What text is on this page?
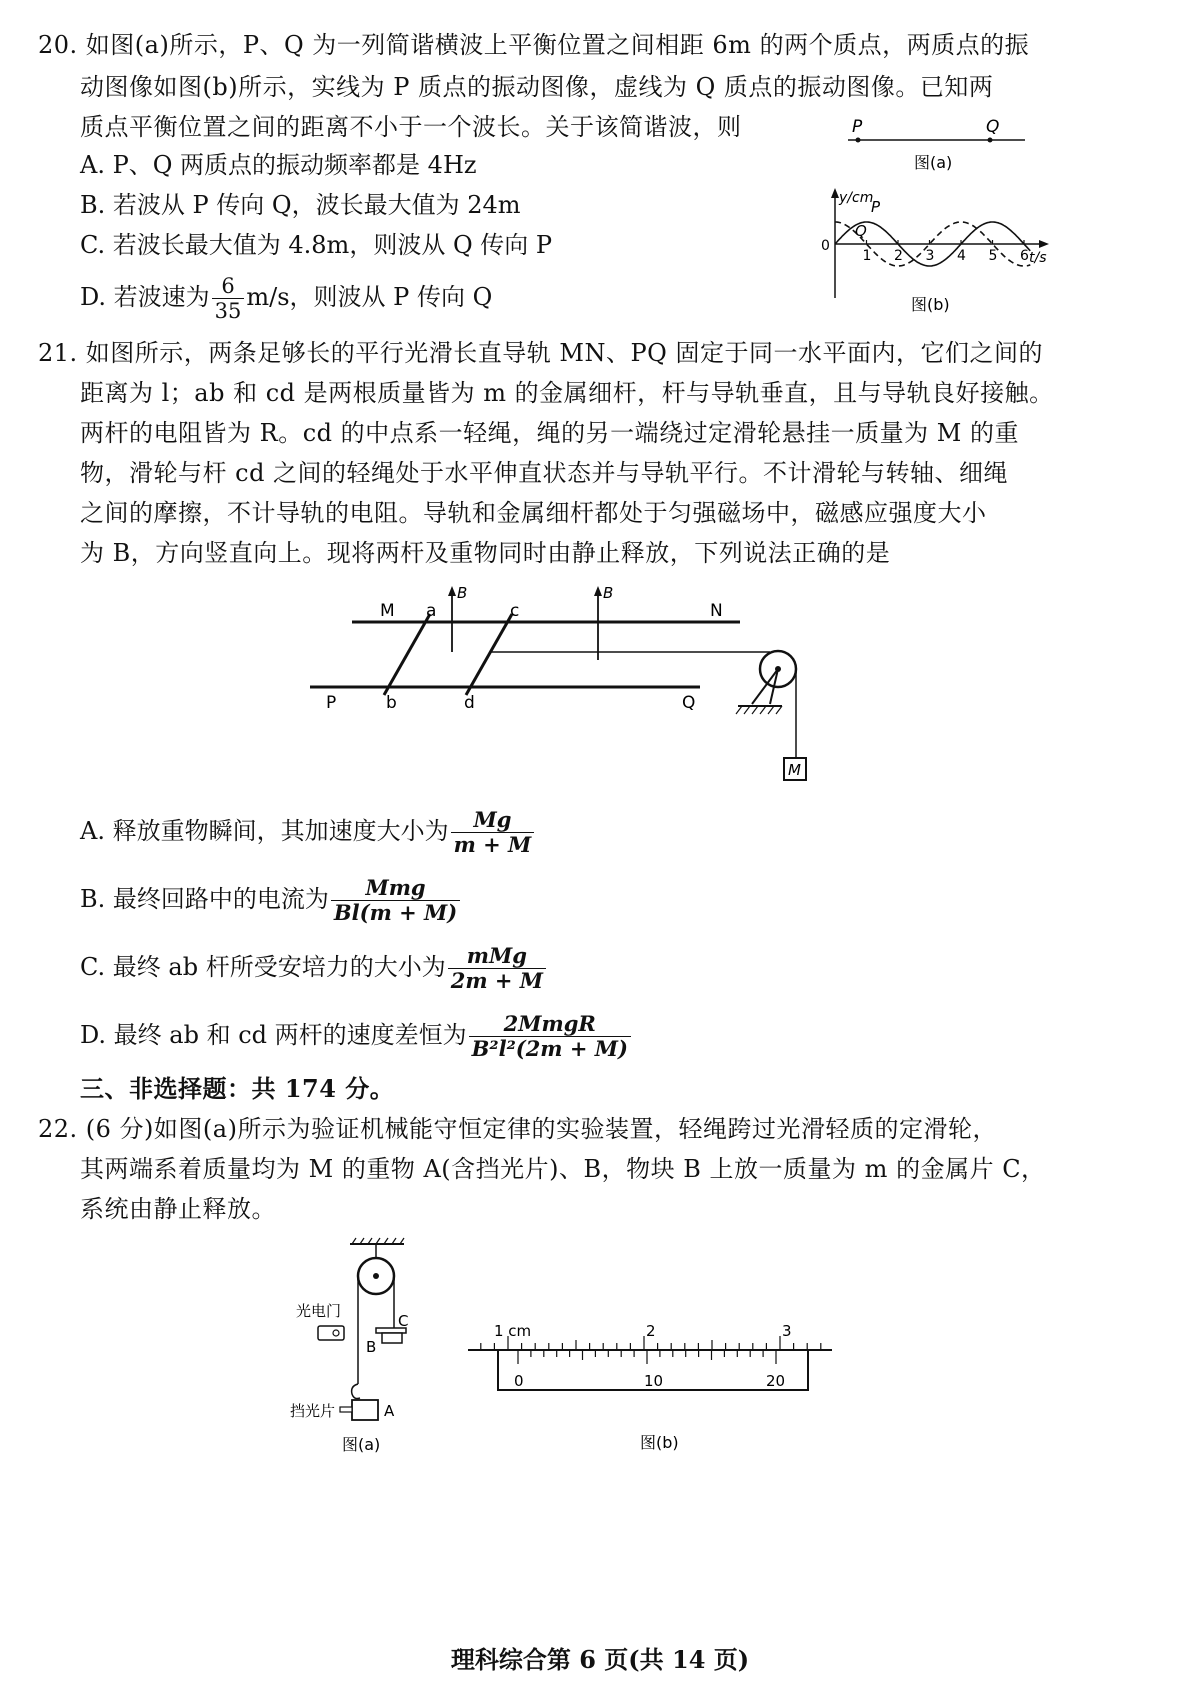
20. 如图(a)所示，P、Q 为一列简谐横波上平衡位置之间相距 6m 的两个质点，两质点的振
动图像如图(b)所示，实线为 P 质点的振动图像，虚线为 Q 质点的振动图像。已知两
质点平衡位置之间的距离不小于一个波长。关于该简谐波，则
A. P、Q 两质点的振动频率都是 4Hz
B. 若波从 P 传向 Q，波长最大值为 24m
C. 若波长最大值为 4.8m，则波从 Q 传向 P
D. 若波速为 $\frac{6}{35} m/s$，则波从 P 传向 Q
P	Q
图(a)
y/cm
t/s
0
1 2 3 4 5 6
P
Q
图(b)
21. 如图所示，两条足够长的平行光滑长直导轨 MN、PQ 固定于同一水平面内，它们之间的
距离为 l；ab 和 cd 是两根质量皆为 m 的金属细杆，杆与导轨垂直，且与导轨良好接触。
两杆的电阻皆为 R。cd 的中点系一轻绳，绳的另一端绕过定滑轮悬挂一质量为 M 的重
物，滑轮与杆 cd 之间的轻绳处于水平伸直状态并与导轨平行。不计滑轮与转轴、细绳
之间的摩擦，不计导轨的电阻。导轨和金属细杆都处于匀强磁场中，磁感应强度大小
为 B，方向竖直向上。现将两杆及重物同时由静止释放，下列说法正确的是
M
M a
B
c
B
N
P	b	d	Q
A. 释放重物瞬间，其加速度大小为 $\frac{Mg}{m + M}$
B. 最终回路中的电流为 $\frac{\text{Mmg}}{Bl(m + M)}$
C. 最终 ab 杆所受安培力的大小为 $\frac{\text{mMg}}{2m + M}$
D. 最终 ab 和 cd 两杆的速度差恒为 $\frac{\text{2MmgR}}{\text{B²l²(2m + M)}}$
三、非选择题：共 174 分。
22. (6 分)如图(a)所示为验证机械能守恒定律的实验装置，轻绳跨过光滑轻质的定滑轮，
其两端系着质量均为 M 的重物 A(含挡光片)、B，物块 B 上放一质量为 m 的金属片 C，
系统由静止释放。
光电门
C
B
挡光片	A
图(a)
1 cm	2	3
0	10	20
图(b)
理科综合第 6 页(共 14 页)
